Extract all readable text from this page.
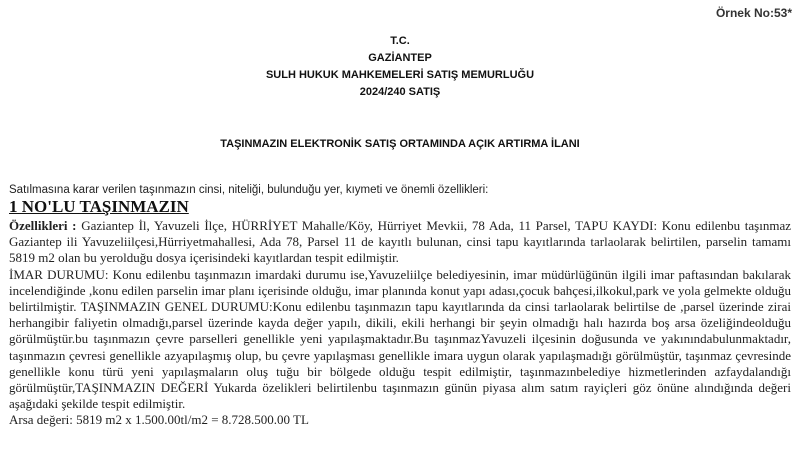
Örnek No:53*
T.C.
GAZİANTEP
SULH HUKUK MAHKEMELERİ SATIŞ MEMURLUĞU
2024/240 SATIŞ
TAŞINMAZIN ELEKTRONİK SATIŞ ORTAMINDA AÇIK ARTIRMA İLANI
Satılmasına karar verilen taşınmazın cinsi, niteliği, bulunduğu yer, kıymeti ve önemli özellikleri:
1 NO'LU TAŞINMAZIN

Özellikleri : Gaziantep İl, Yavuzeli İlçe, HÜRRİYET Mahalle/Köy, Hürriyet Mevkii, 78 Ada, 11 Parsel, TAPU KAYDI: Konu edilenbu taşınmaz Gaziantep ili Yavuzeliilçesi,Hürriyetmahallesi, Ada 78, Parsel 11 de kayıtlı bulunan, cinsi tapu kayıtlarında tarlaolarak belirtilen, parselin tamamı 5819 m2 olan bu yerolduğu dosya içerisindeki kayıtlardan tespit edilmiştir.

İMAR DURUMU: Konu edilenbu taşınmazın imardaki durumu ise,Yavuzeliilçe belediyesinin, imar müdürlüğünün ilgili imar paftasından bakılarak incelendiğinde ,konu edilen parselin imar planı içerisinde olduğu, imar planında konut yapı adası,çocuk bahçesi,ilkokul,park ve yola gelmekte olduğu belirtilmiştir. TAŞINMAZIN GENEL DURUMU:Konu edilenbu taşınmazın tapu kayıtlarında da cinsi tarlaolarak belirtilse de ,parsel üzerinde zirai herhangibir faliyetin olmadığı,parsel üzerinde kayda değer yapılı, dikili, ekili herhangi bir şeyin olmadığı halı hazırda boş arsa özeliğindeolduğu görülmüştür.bu taşınmazın çevre parselleri genellikle yeni yapılaşmaktadır.Bu taşınmazYavuzeli ilçesinin doğusunda ve yakınındabulunmaktadır, taşınmazın çevresi genellikle azyapılaşmış olup, bu çevre yapılaşması genellikle imara uygun olarak yapılaşmadığı görülmüştür, taşınmaz çevresinde genellikle konu türü yeni yapılaşmaların oluş tuğu bir bölgede olduğu tespit edilmiştir, taşınmazınbelediye hizmetlerinden azfaydalandığı görülmüştür,TAŞINMAZIN DEĞERİ Yukarda özelikleri belirtilenbu taşınmazın günün piyasa alım satım rayiçleri göz önüne alındığında değeri aşağıdaki şekilde tespit edilmiştir.

Arsa değeri: 5819 m2 x 1.500.00tl/m2 = 8.728.500.00 TL
